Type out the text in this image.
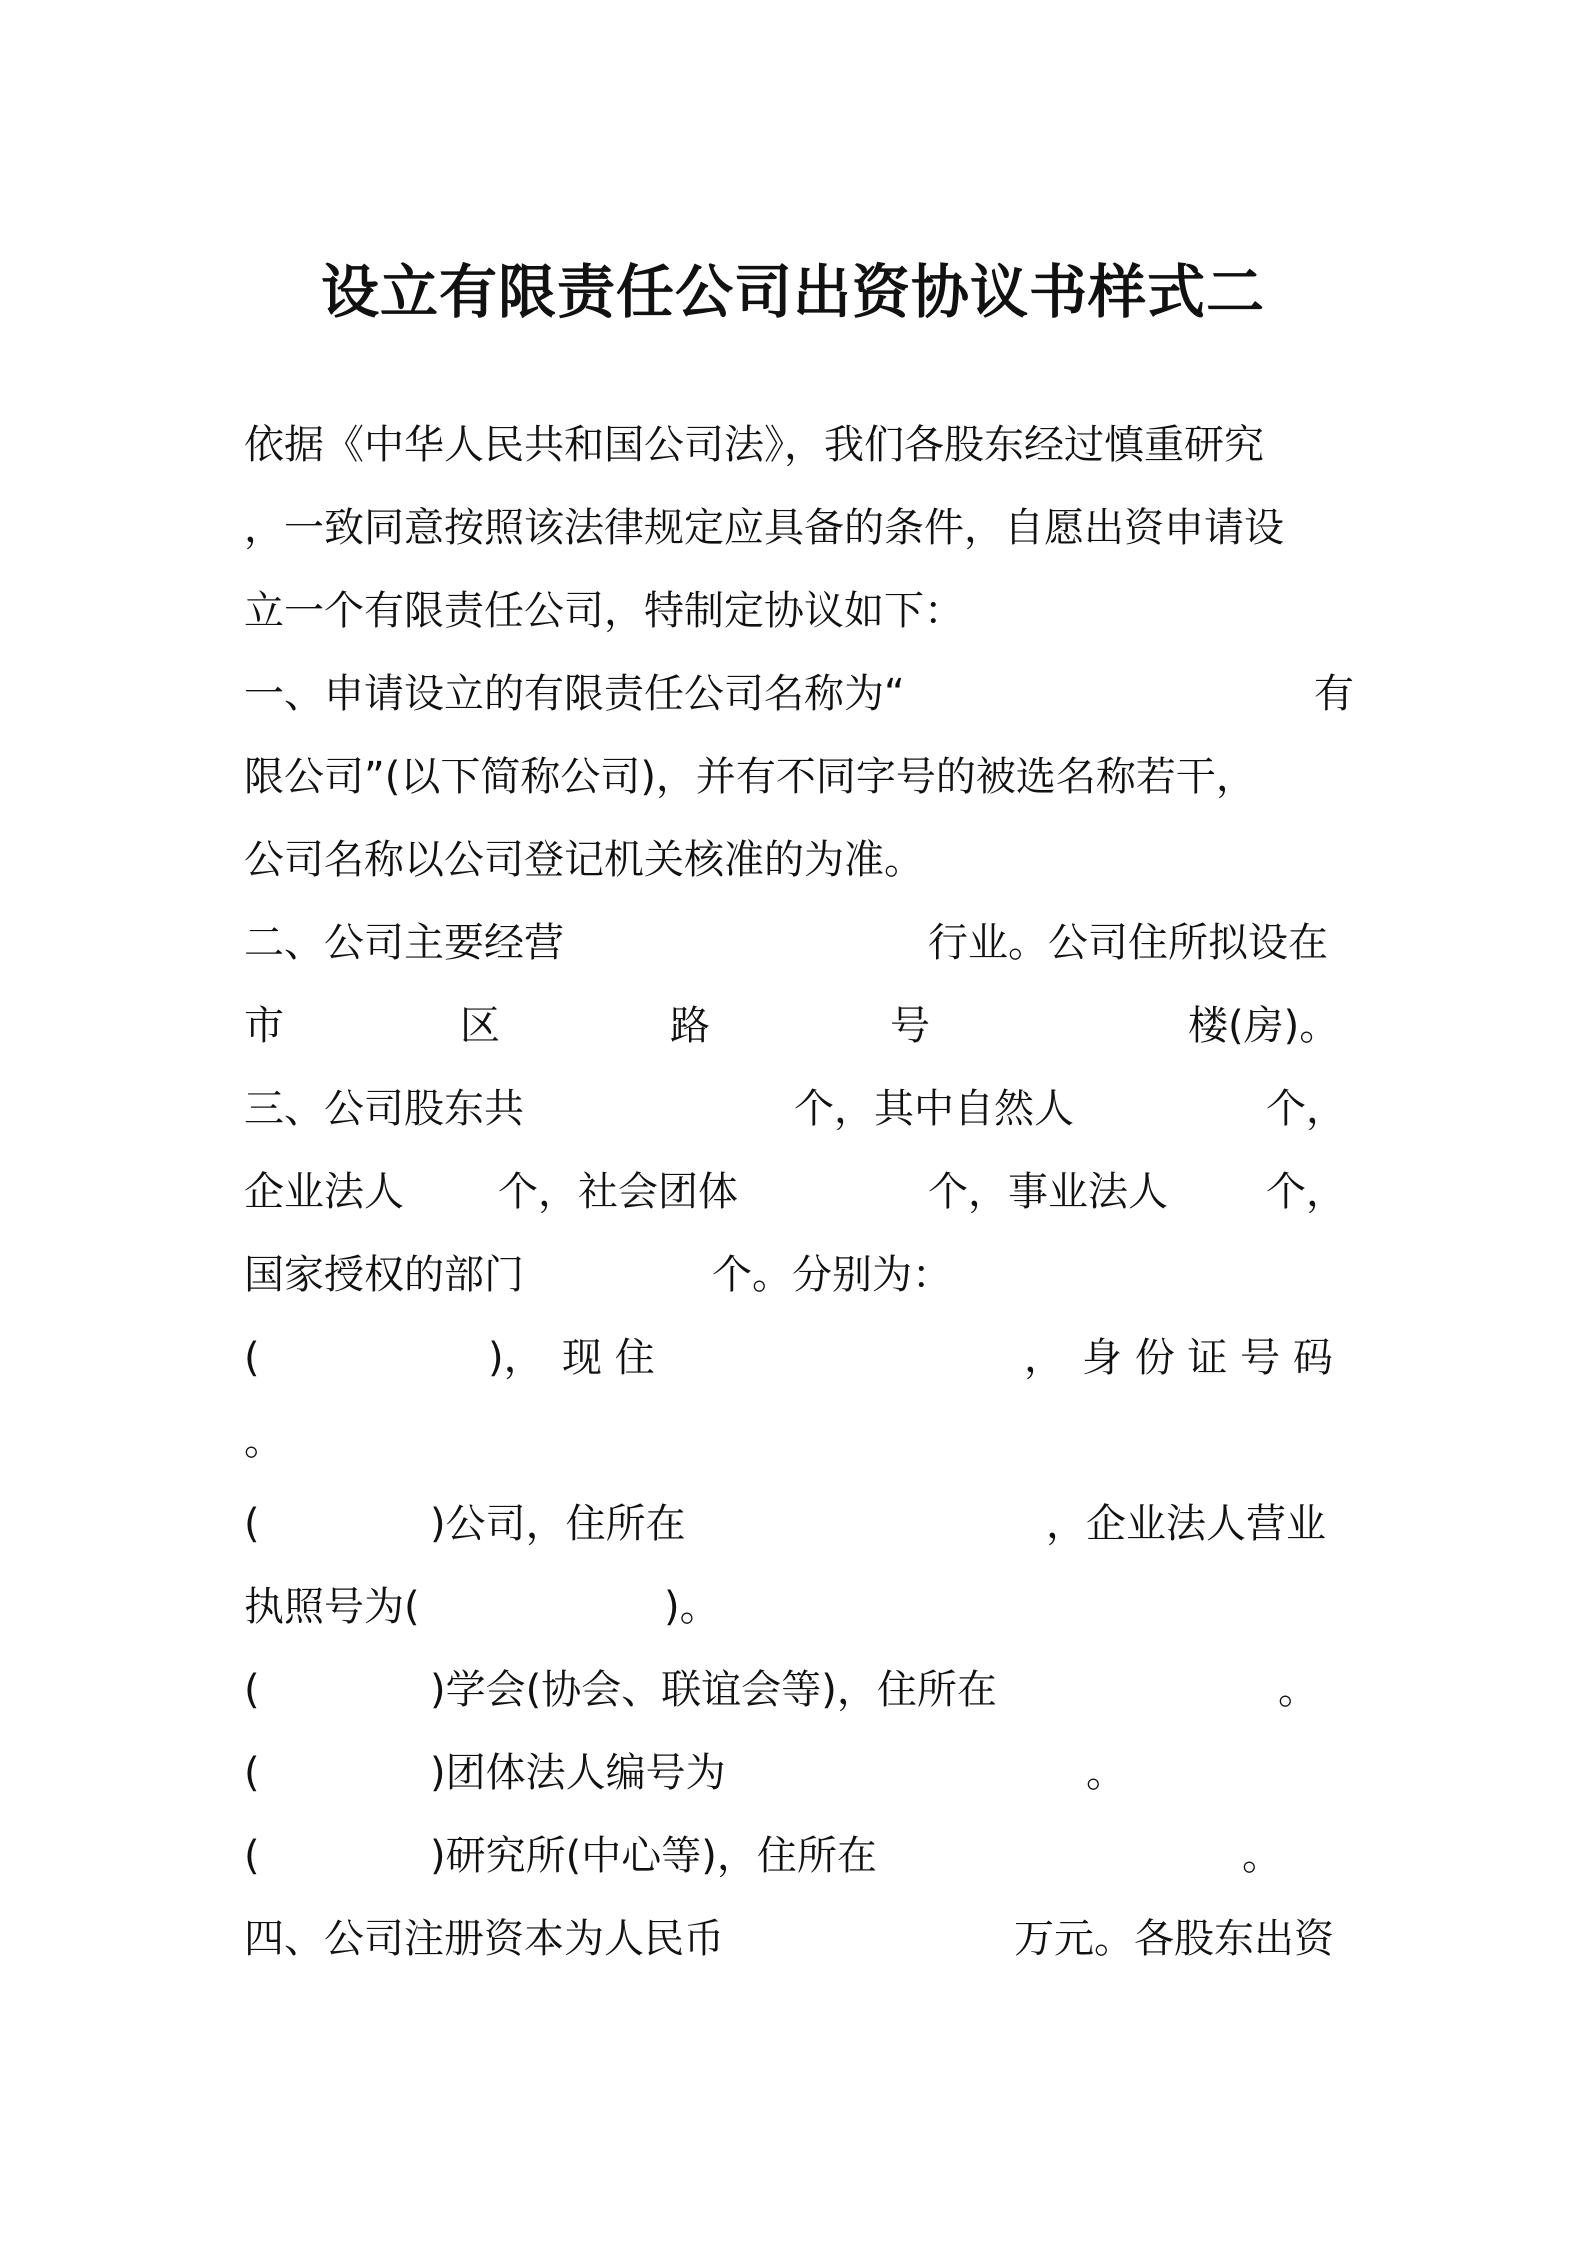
设立有限责任公司出资协议书样式二
依据《中华人民共和国公司法》，我们各股东经过慎重研究
，一致同意按照该法律规定应具备的条件，自愿出资申请设
立一个有限责任公司，特制定协议如下：
一、申请设立的有限责任公司名称为“	有
限公司”(以下简称公司)，并有不同字号的被选名称若干，
公司名称以公司登记机关核准的为准。
二、公司主要经营	行业。公司住所拟设在
市	区	路	号	楼(房)。
三、公司股东共	个，其中自然人	个，
企业法人 个，社会团体	个，事业法人 个，
国家授权的部门	个。分别为：
(	)， 现 住	， 身 份 证 号 码
。
(	)公司，住所在	，企业法人营业
执照号为(	)。
(	)学会(协会、联谊会等)，住所在	。
(	)团体法人编号为	。
(	)研究所(中心等)，住所在	。
四、公司注册资本为人民币	万元。各股东出资
